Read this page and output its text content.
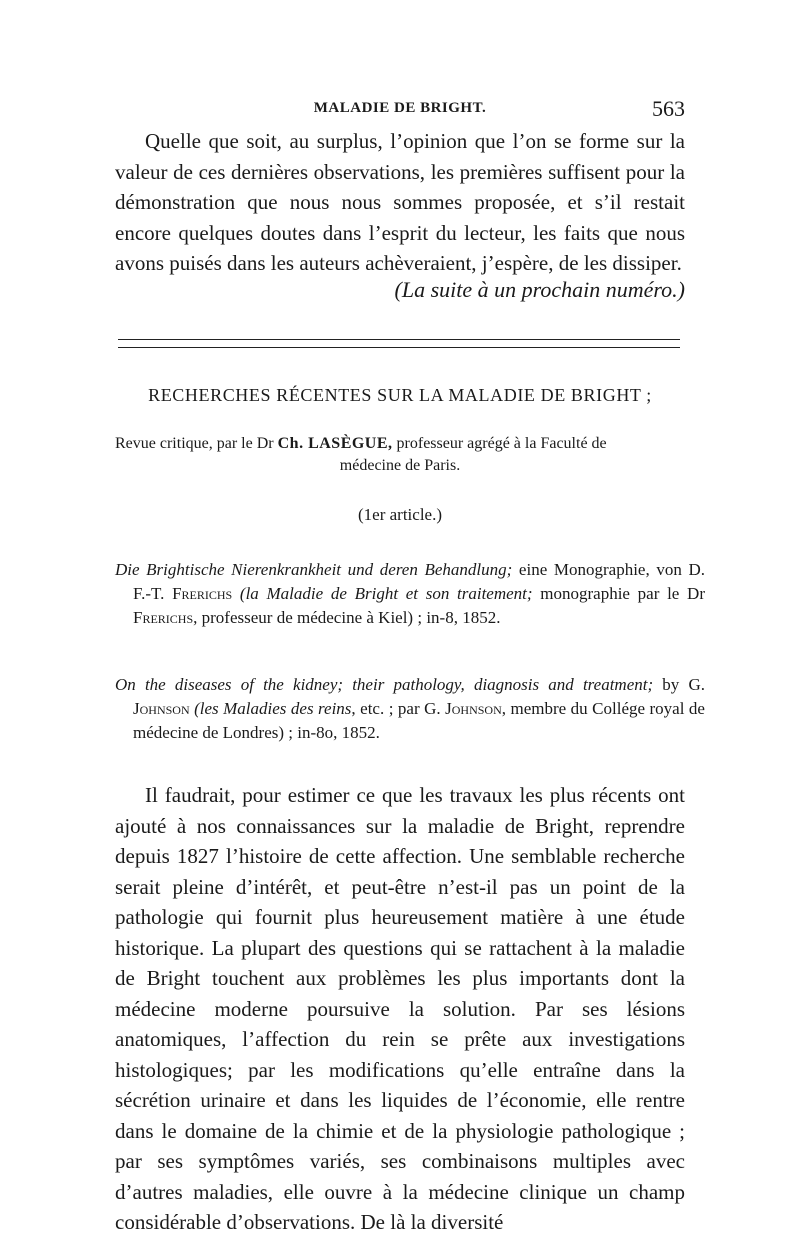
MALADIE DE BRIGHT.	563

Quelle que soit, au surplus, l’opinion que l’on se forme sur la valeur de ces dernières observations, les premières suffisent pour la démonstration que nous nous sommes proposée, et s’il restait encore quelques doutes dans l’esprit du lecteur, les faits que nous avons puisés dans les auteurs achèveraient, j’espère, de les dissiper.

(La suite à un prochain numéro.)
RECHERCHES RÉCENTES SUR LA MALADIE DE BRIGHT ;
Revue critique, par le Dr Ch. LASÈGUE, professeur agrégé à la Faculté de
médecine de Paris.
(1er article.)

Die Brightische Nierenkrankheit und deren Behandlung; eine Monographie, von D. F.-T. Frerichs (la Maladie de Bright et son traitement; monographie par le Dr Frerichs, professeur de médecine à Kiel) ; in-8, 1852.

On the diseases of the kidney; their pathology, diagnosis and treatment; by G. Johnson (les Maladies des reins, etc. ; par G. Johnson, membre du Collége royal de médecine de Londres) ; in-8o, 1852.

Il faudrait, pour estimer ce que les travaux les plus récents ont ajouté à nos connaissances sur la maladie de Bright, reprendre depuis 1827 l’histoire de cette affection. Une semblable recherche serait pleine d’intérêt, et peut-être n’est-il pas un point de la pathologie qui fournit plus heureusement matière à une étude historique. La plupart des questions qui se rattachent à la maladie de Bright touchent aux problèmes les plus importants dont la médecine moderne poursuive la solution. Par ses lésions anatomiques, l’affection du rein se prête aux investigations histologiques; par les modifications qu’elle entraîne dans la sécrétion urinaire et dans les liquides de l’économie, elle rentre dans le domaine de la chimie et de la physiologie pathologique ; par ses symptômes variés, ses combinaisons multiples avec d’autres maladies, elle ouvre à la médecine clinique un champ considérable d’observations. De là la diversité
